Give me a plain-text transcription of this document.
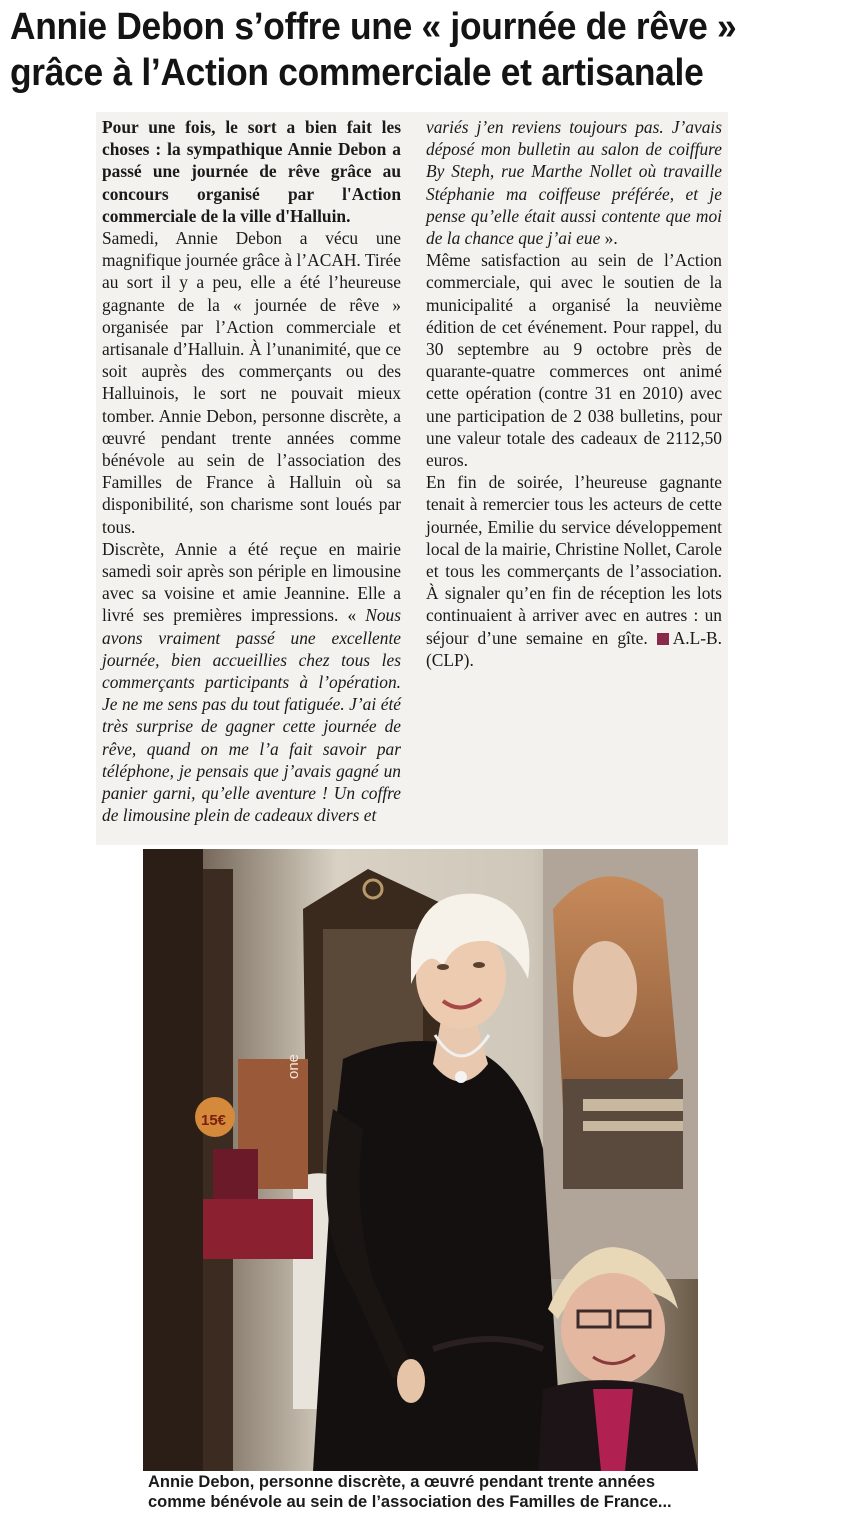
Annie Debon s’offre une « journée de rêve »
grâce à l’Action commerciale et artisanale

Pour une fois, le sort a bien fait les choses : la sympathique Annie Debon a passé une journée de rêve grâce au concours organisé par l'Action commerciale de la ville d'Halluin.

Samedi, Annie Debon a vécu une magnifique journée grâce à l’ACAH. Tirée au sort il y a peu, elle a été l’heureuse gagnante de la « journée de rêve » organisée par l’Action commerciale et artisanale d’Halluin. À l’unanimité, que ce soit auprès des commerçants ou des Halluinois, le sort ne pouvait mieux tomber. Annie Debon, personne discrète, a œuvré pendant trente années comme bénévole au sein de l’association des Familles de France à Halluin où sa disponibilité, son charisme sont loués par tous.

Discrète, Annie a été reçue en mairie samedi soir après son périple en limousine avec sa voisine et amie Jeannine. Elle a livré ses premières impressions. « Nous avons vraiment passé une excellente journée, bien accueillies chez tous les commerçants participants à l’opération. Je ne me sens pas du tout fatiguée. J’ai été très surprise de gagner cette journée de rêve, quand on me l’a fait savoir par téléphone, je pensais que j’avais gagné un panier garni, qu’elle aventure ! Un coffre de limousine plein de cadeaux divers et

variés j’en reviens toujours pas. J’avais déposé mon bulletin au salon de coiffure By Steph, rue Marthe Nollet où travaille Stéphanie ma coiffeuse préférée, et je pense qu’elle était aussi contente que moi de la chance que j’ai eue ».

Même satisfaction au sein de l’Action commerciale, qui avec le soutien de la municipalité a organisé la neuvième édition de cet événement. Pour rappel, du 30 septembre au 9 octobre près de quarante-quatre commerces ont animé cette opération (contre 31 en 2010) avec une participation de 2 038 bulletins, pour une valeur totale des cadeaux de 2112,50 euros.

En fin de soirée, l’heureuse gagnante tenait à remercier tous les acteurs de cette journée, Emilie du service développement local de la mairie, Christine Nollet, Carole et tous les commerçants de l’association. À signaler qu’en fin de réception les lots continuaient à arriver avec en autres : un séjour d’une semaine en gîte. A.L-B. (CLP).

15€
one

Annie Debon, personne discrète, a œuvré pendant trente années comme bénévole au sein de l’association des Familles de France...
